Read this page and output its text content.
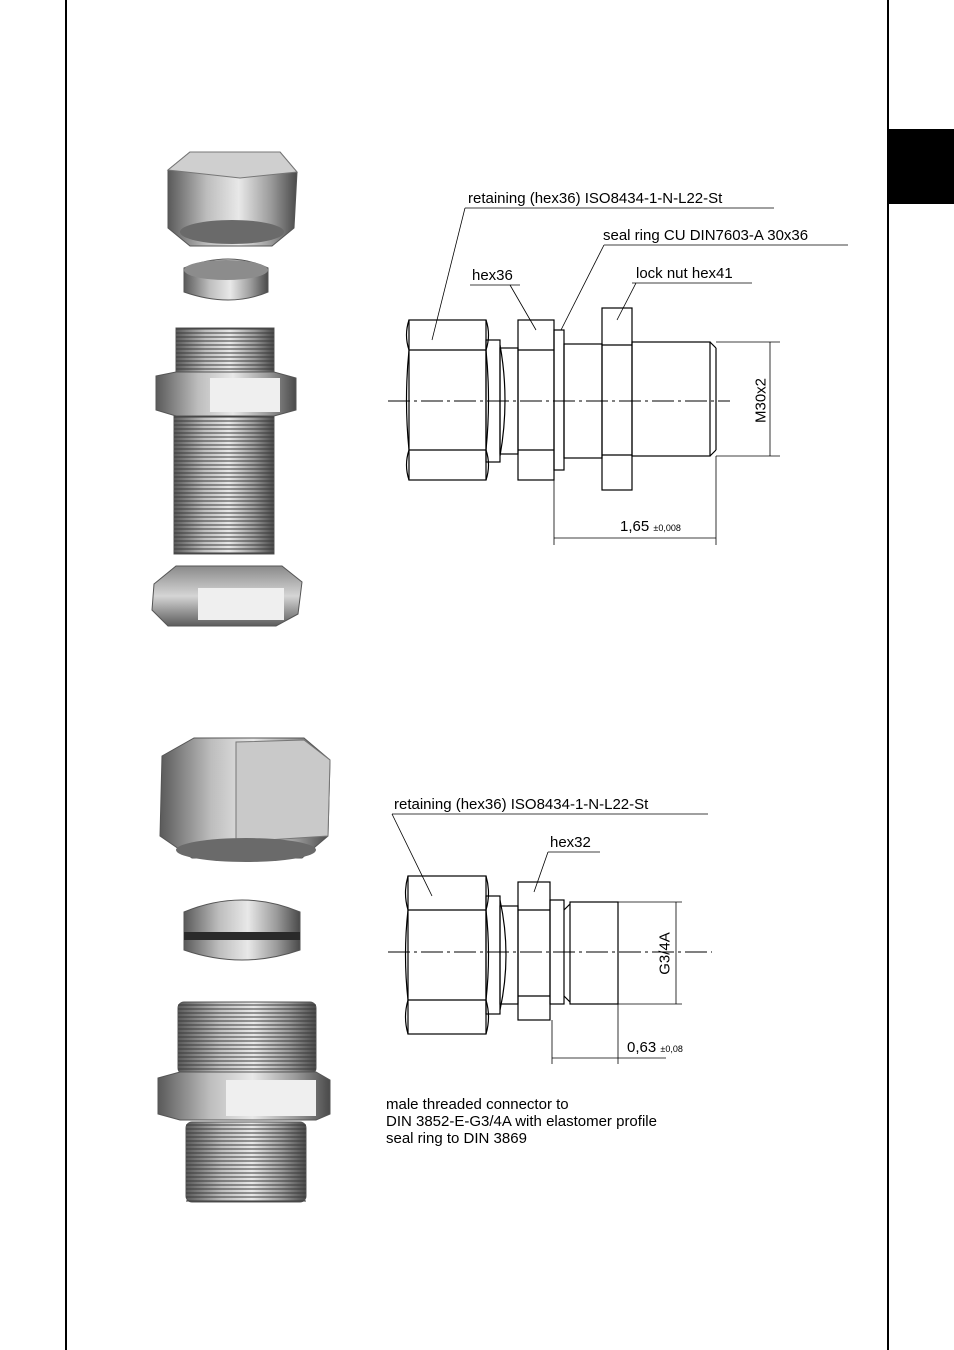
retaining (hex36) ISO8434-1-N-L22-St
seal ring CU DIN7603-A 30x36
hex36	lock nut hex41
M30x2
1,65 ±0,008
retaining (hex36) ISO8434-1-N-L22-St
hex32
G3/4A
0,63 ±0,08
male threaded connector to
DIN 3852-E-G3/4A with elastomer profile
seal ring to DIN 3869
